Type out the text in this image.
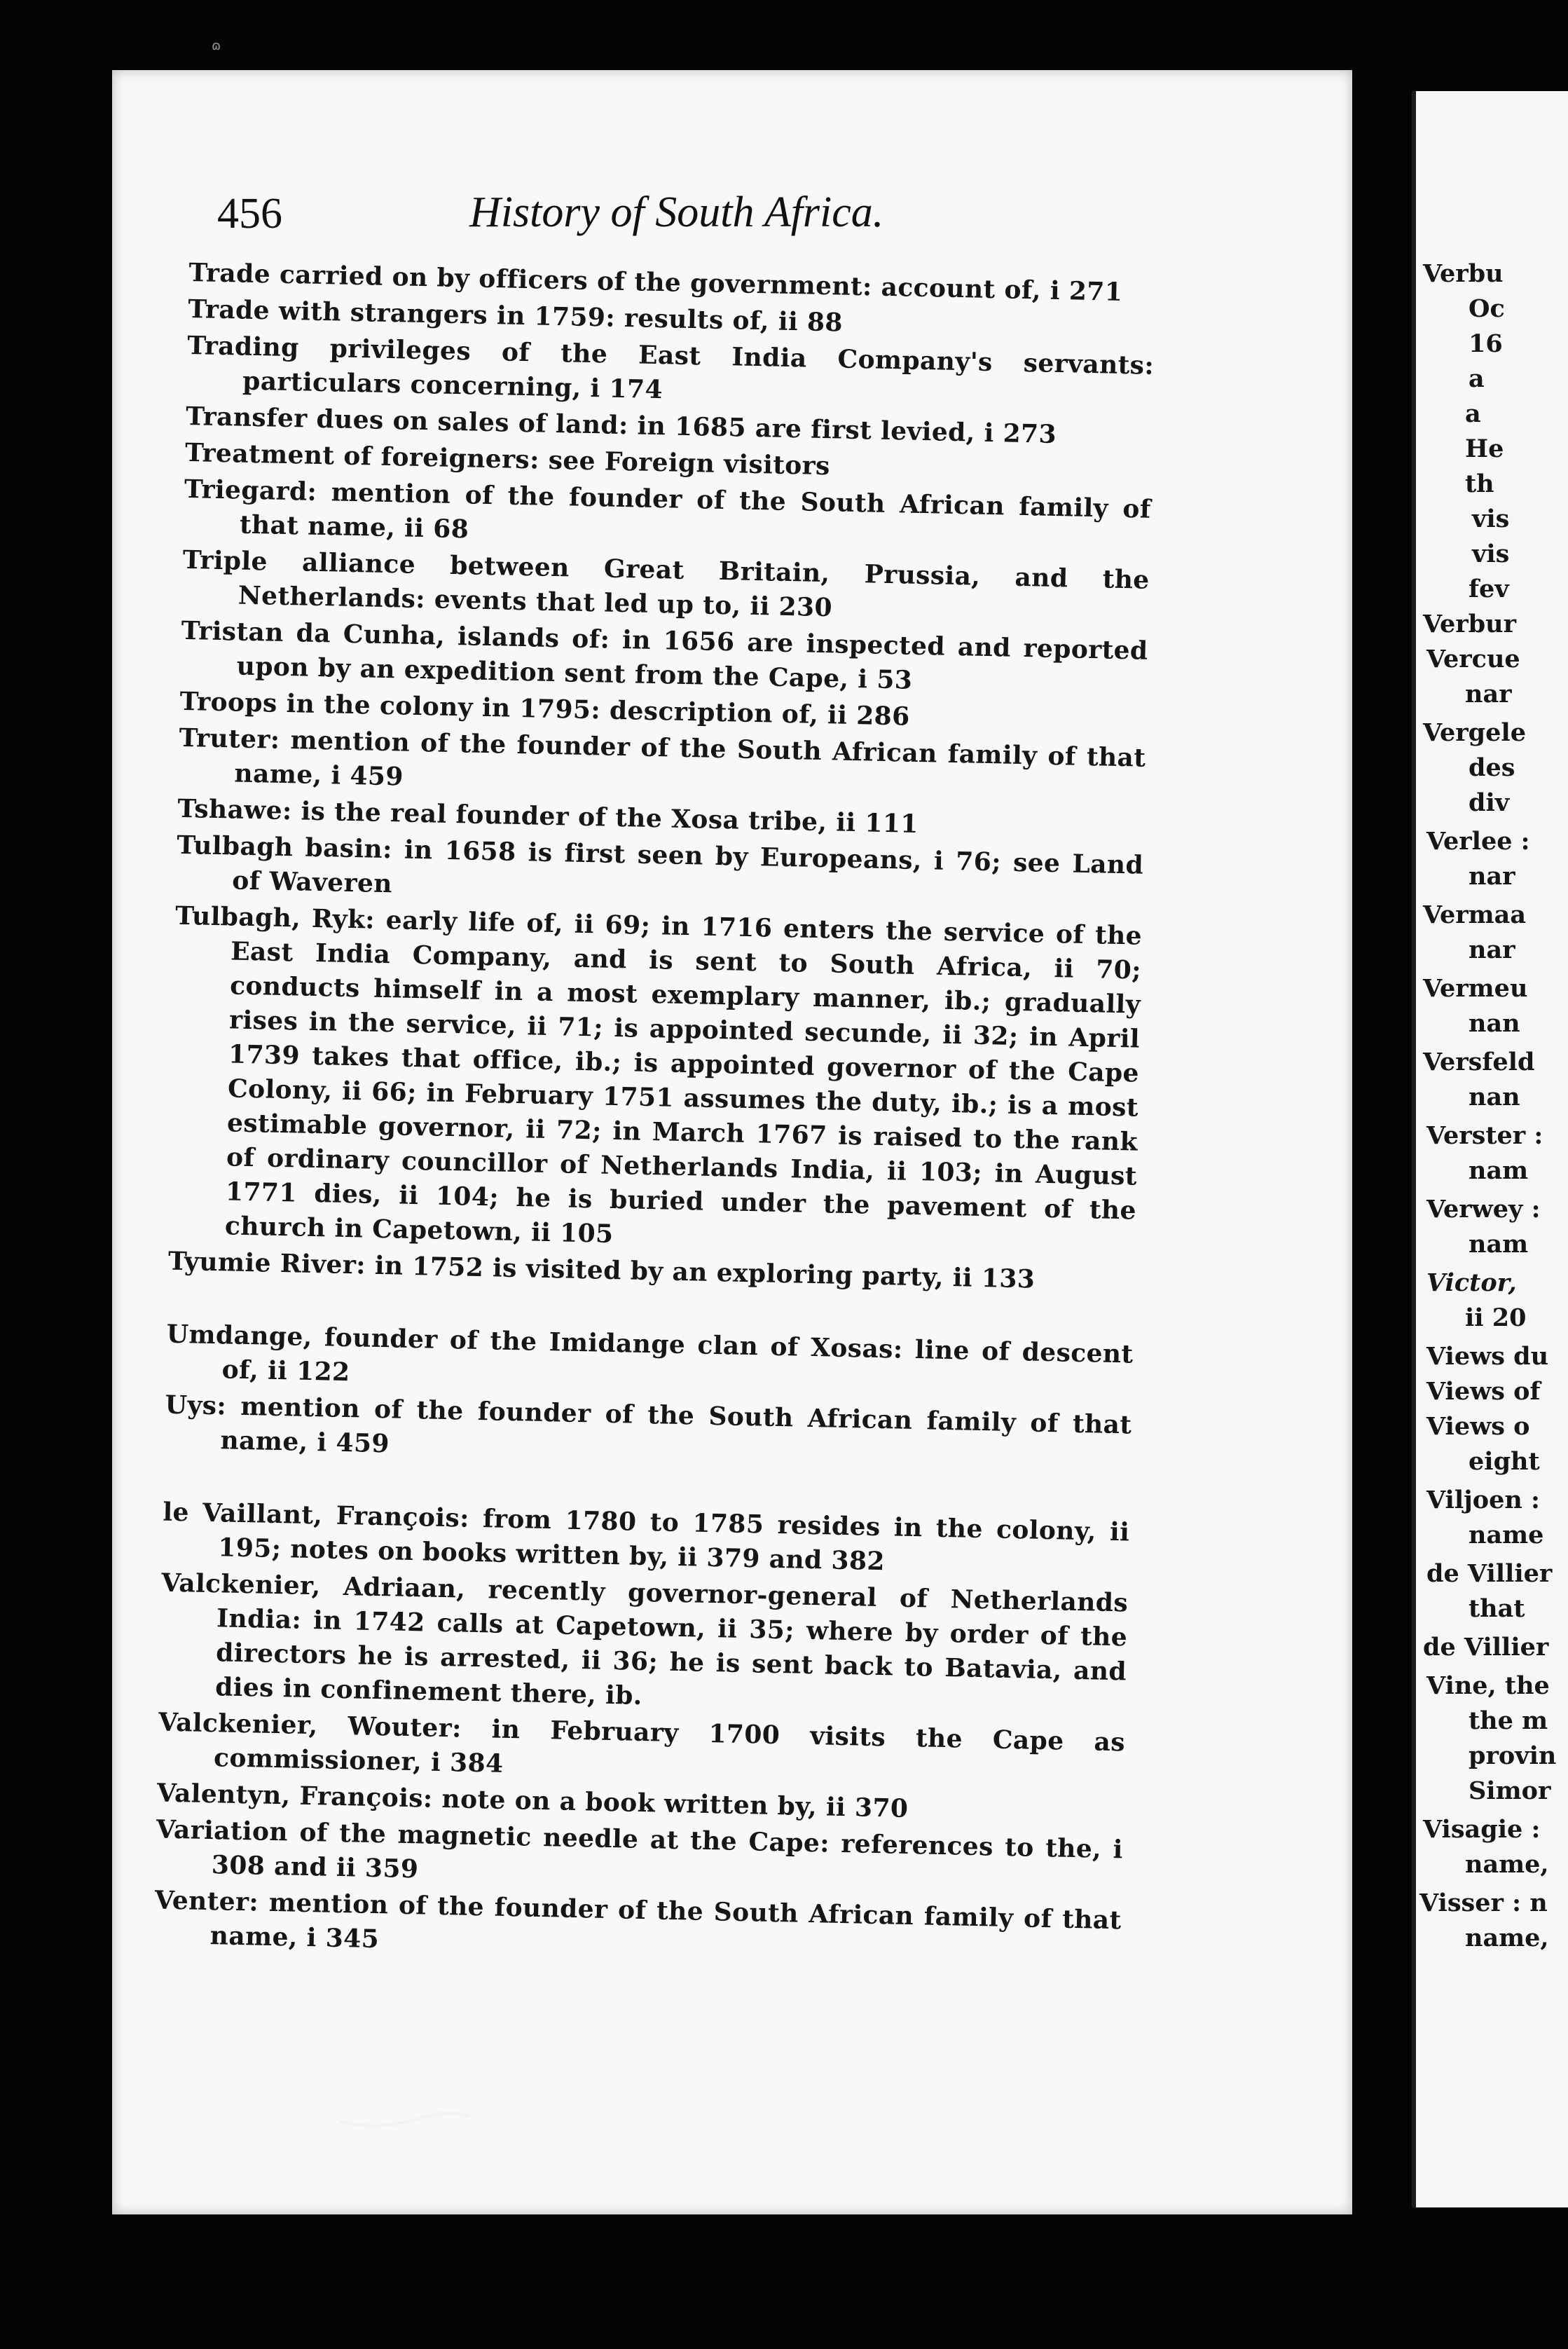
ɷ
456	History of South Africa.

Trade carried on by officers of the government: account of, i 271

Trade with strangers in 1759: results of, ii 88

Trading privileges of the East India Company's servants: particulars concerning, i 174

Transfer dues on sales of land: in 1685 are first levied, i 273

Treatment of foreigners: see Foreign visitors

Triegard: mention of the founder of the South African family of that name, ii 68

Triple alliance between Great Britain, Prussia, and the Netherlands: events that led up to, ii 230

Tristan da Cunha, islands of: in 1656 are inspected and reported upon by an expedition sent from the Cape, i 53

Troops in the colony in 1795: description of, ii 286

Truter: mention of the founder of the South African family of that name, i 459

Tshawe: is the real founder of the Xosa tribe, ii 111

Tulbagh basin: in 1658 is first seen by Europeans, i 76; see Land of Waveren

Tulbagh, Ryk: early life of, ii 69; in 1716 enters the service of the East India Company, and is sent to South Africa, ii 70; conducts himself in a most exemplary manner, ib.; gradually rises in the service, ii 71; is appointed secunde, ii 32; in April 1739 takes that office, ib.; is appointed governor of the Cape Colony, ii 66; in February 1751 assumes the duty, ib.; is a most estimable governor, ii 72; in March 1767 is raised to the rank of ordinary councillor of Netherlands India, ii 103; in August 1771 dies, ii 104; he is buried under the pavement of the church in Capetown, ii 105

Tyumie River: in 1752 is visited by an exploring party, ii 133

Umdange, founder of the Imidange clan of Xosas: line of descent of, ii 122

Uys: mention of the founder of the South African family of that name, i 459

le Vaillant, François: from 1780 to 1785 resides in the colony, ii 195; notes on books written by, ii 379 and 382

Valckenier, Adriaan, recently governor-general of Netherlands India: in 1742 calls at Capetown, ii 35; where by order of the directors he is arrested, ii 36; he is sent back to Batavia, and dies in confinement there, ib.

Valckenier, Wouter: in February 1700 visits the Cape as commissioner, i 384

Valentyn, François: note on a book written by, ii 370

Variation of the magnetic needle at the Cape: references to the, i 308 and ii 359

Venter: mention of the founder of the South African family of that name, i 345

Verbu
Oc
16
a
a
He
th
vis
vis
fev
Verbur
Vercue
nar
Vergele
des
div
Verlee :
nar
Vermaa
nar
Vermeu
nan
Versfeld
nan
Verster :
nam
Verwey :
nam
Victor,
ii 20
Views du
Views of
Views o
eight
Viljoen :
name
de Villier
that
de Villier
Vine, the
the m
provin
Simor
Visagie :
name,
Visser : n
name,
